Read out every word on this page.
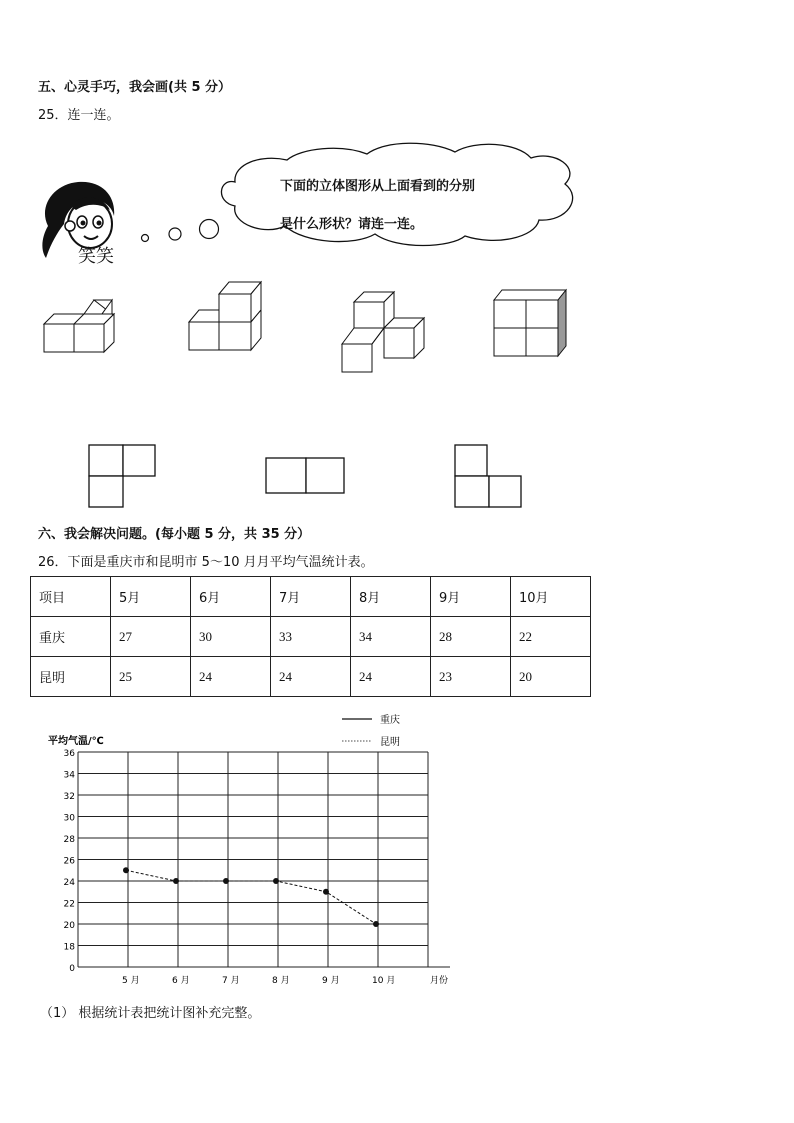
五、心灵手巧，我会画(共 5 分）
25．连一连。
笑笑
下面的立体图形从上面看到的分别
是什么形状？请连一连。
六、我会解决问题。(每小题 5 分，共 35 分）
26．下面是重庆市和昆明市 5～10 月月平均气温统计表。
项目	5月	6月	7月	8月	9月	10月
重庆	27	30	33	34	28	22
昆明	25	24	24	24	23	20
36
34
32
30
28
26
24
22
20
18
0
平均气温/℃
月份
5 月	6 月	7 月	8 月	9 月	10 月
重庆
昆明
（1） 根据统计表把统计图补充完整。
